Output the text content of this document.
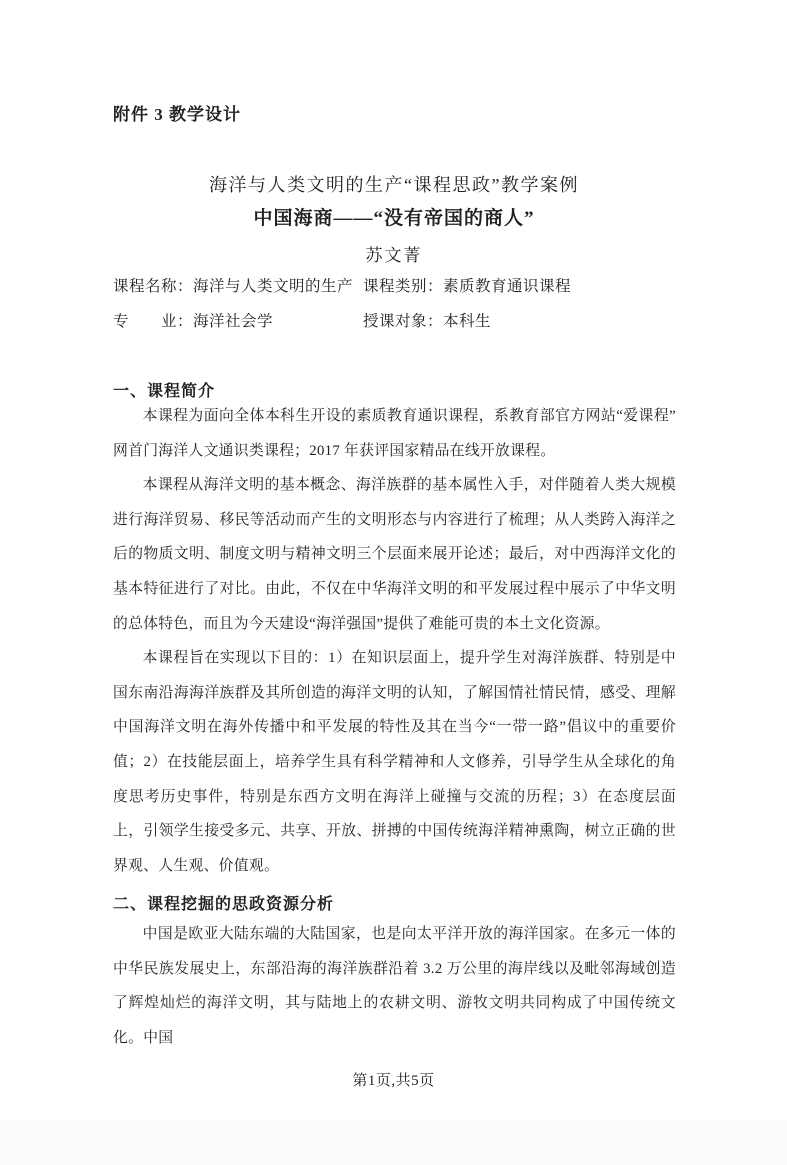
附件 3 教学设计
海洋与人类文明的生产“课程思政”教学案例
中国海商——“没有帝国的商人”
苏文菁
课程名称：海洋与人类文明的生产 课程类别：素质教育通识课程
专　　业：海洋社会学	授课对象：本科生
一、课程简介

本课程为面向全体本科生开设的素质教育通识课程，系教育部官方网站“爱课程”网首门海洋人文通识类课程；2017 年获评国家精品在线开放课程。

本课程从海洋文明的基本概念、海洋族群的基本属性入手，对伴随着人类大规模进行海洋贸易、移民等活动而产生的文明形态与内容进行了梳理；从人类跨入海洋之后的物质文明、制度文明与精神文明三个层面来展开论述；最后，对中西海洋文化的基本特征进行了对比。由此，不仅在中华海洋文明的和平发展过程中展示了中华文明的总体特色，而且为今天建设“海洋强国”提供了难能可贵的本土文化资源。

本课程旨在实现以下目的：1）在知识层面上，提升学生对海洋族群、特别是中国东南沿海海洋族群及其所创造的海洋文明的认知，了解国情社情民情，感受、理解中国海洋文明在海外传播中和平发展的特性及其在当今“一带一路”倡议中的重要价值；2）在技能层面上，培养学生具有科学精神和人文修养，引导学生从全球化的角度思考历史事件，特别是东西方文明在海洋上碰撞与交流的历程；3）在态度层面上，引领学生接受多元、共享、开放、拼搏的中国传统海洋精神熏陶，树立正确的世界观、人生观、价值观。

二、课程挖掘的思政资源分析

中国是欧亚大陆东端的大陆国家，也是向太平洋开放的海洋国家。在多元一体的中华民族发展史上，东部沿海的海洋族群沿着 3.2 万公里的海岸线以及毗邻海域创造了辉煌灿烂的海洋文明，其与陆地上的农耕文明、游牧文明共同构成了中国传统文化。中国

第1页,共5页
